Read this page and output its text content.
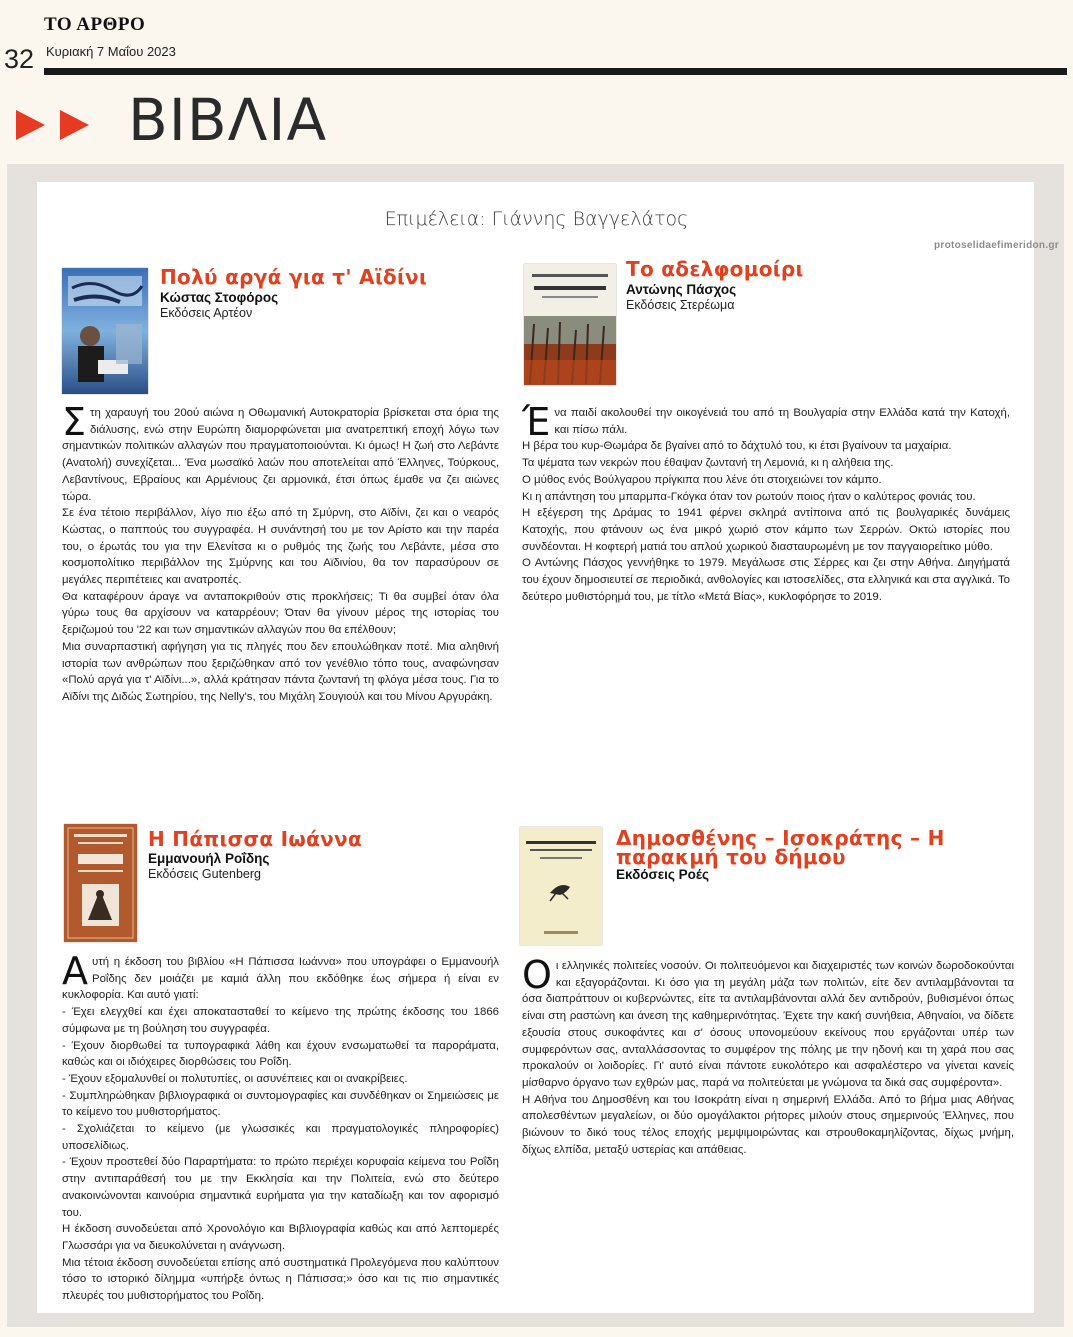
ΤΟ ΑΡΘΡΟ
32 Κυριακή 7 Μαΐου 2023
ΒΙΒΛΙΑ
Επιμέλεια: Γιάννης Βαγγελάτος
protoselidaefimeridon.gr
Πολύ αργά για τ' Αϊδίνι
Κώστας Στοφόρος
Εκδόσεις Αρτέον

Στη χαραυγή του 20ού αιώνα η Οθωμανική Αυτοκρατορία βρίσκεται στα όρια της διάλυσης, ενώ στην Ευρώπη διαμορφώνεται μια ανατρεπτική εποχή λόγω των σημαντικών πολιτικών αλλαγών που πραγματοποιούνται. Κι όμως! Η ζωή στο Λεβάντε (Ανατολή) συνεχίζεται... Ένα μωσαϊκό λαών που αποτελείται από Έλληνες, Τούρκους, Λεβαντίνους, Εβραίους και Αρμένιους ζει αρμονικά, έτσι όπως έμαθε να ζει αιώνες τώρα.

Σε ένα τέτοιο περιβάλλον, λίγο πιο έξω από τη Σμύρνη, στο Αϊδίνι, ζει και ο νεαρός Κώστας, ο παππούς του συγγραφέα. Η συνάντησή του με τον Αρίστο και την παρέα του, ο έρωτάς του για την Ελενίτσα κι ο ρυθμός της ζωής του Λεβάντε, μέσα στο κοσμοπολίτικο περιβάλλον της Σμύρνης και του Αϊδινίου, θα τον παρασύρουν σε μεγάλες περιπέτειες και ανατροπές.

Θα καταφέρουν άραγε να ανταποκριθούν στις προκλήσεις; Τι θα συμβεί όταν όλα γύρω τους θα αρχίσουν να καταρρέουν; Όταν θα γίνουν μέρος της ιστορίας του ξεριζωμού του '22 και των σημαντικών αλλαγών που θα επέλθουν;

Μια συναρπαστική αφήγηση για τις πληγές που δεν επουλώθηκαν ποτέ. Μια αληθινή ιστορία των ανθρώπων που ξεριζώθηκαν από τον γενέθλιο τόπο τους, αναφώνησαν «Πολύ αργά για τ' Αϊδίνι...», αλλά κράτησαν πάντα ζωντανή τη φλόγα μέσα τους. Για το Αϊδίνι της Διδώς Σωτηρίου, της Nelly's, του Μιχάλη Σουγιούλ και του Μίνου Αργυράκη.

Το αδελφομοίρι
Αντώνης Πάσχος
Εκδόσεις Στερέωμα

Ένα παιδί ακολουθεί την οικογένειά του από τη Βουλγαρία στην Ελλάδα κατά την Κατοχή, και πίσω πάλι.

Η βέρα του κυρ-Θωμάρα δε βγαίνει από το δάχτυλό του, κι έτσι βγαίνουν τα μαχαίρια.

Τα ψέματα των νεκρών που έθαψαν ζωντανή τη Λεμονιά, κι η αλήθεια της.

Ο μύθος ενός Βούλγαρου πρίγκιπα που λένε ότι στοιχειώνει τον κάμπο.

Κι η απάντηση του μπαρμπα-Γκόγκα όταν τον ρωτούν ποιος ήταν ο καλύτερος φονιάς του.

Η εξέγερση της Δράμας το 1941 φέρνει σκληρά αντίποινα από τις βουλγαρικές δυνάμεις Κατοχής, που φτάνουν ως ένα μικρό χωριό στον κάμπο των Σερρών. Οκτώ ιστορίες που συνδέονται. Η κοφτερή ματιά του απλού χωρικού διασταυρωμένη με τον παγγαιορείτικο μύθο.

Ο Αντώνης Πάσχος γεννήθηκε το 1979. Μεγάλωσε στις Σέρρες και ζει στην Αθήνα. Διηγήματά του έχουν δημοσιευτεί σε περιοδικά, ανθολογίες και ιστοσελίδες, στα ελληνικά και στα αγγλικά. Το δεύτερο μυθιστόρημά του, με τίτλο «Μετά Βίας», κυκλοφόρησε το 2019.

Η Πάπισσα Ιωάννα
Εμμανουήλ Ροΐδης
Εκδόσεις Gutenberg

Αυτή η έκδοση του βιβλίου «Η Πάπισσα Ιωάννα» που υπογράφει ο Εμμανουήλ Ροΐδης δεν μοιάζει με καμιά άλλη που εκδόθηκε έως σήμερα ή είναι εν κυκλοφορία. Και αυτό γιατί:

- Έχει ελεγχθεί και έχει αποκατασταθεί το κείμενο της πρώτης έκδοσης του 1866 σύμφωνα με τη βούληση του συγγραφέα.

- Έχουν διορθωθεί τα τυπογραφικά λάθη και έχουν ενσωματωθεί τα παροράματα, καθώς και οι ιδιόχειρες διορθώσεις του Ροΐδη.

- Έχουν εξομαλυνθεί οι πολυτυπίες, οι ασυνέπειες και οι ανακρίβειες.

- Συμπληρώθηκαν βιβλιογραφικά οι συντομογραφίες και συνδέθηκαν οι Σημειώσεις με το κείμενο του μυθιστορήματος.

- Σχολιάζεται το κείμενο (με γλωσσικές και πραγματολογικές πληροφορίες) υποσελίδιως.

- Έχουν προστεθεί δύο Παραρτήματα: το πρώτο περιέχει κορυφαία κείμενα του Ροΐδη στην αντιπαράθεσή του με την Εκκλησία και την Πολιτεία, ενώ στο δεύτερο ανακοινώνονται καινούρια σημαντικά ευρήματα για την καταδίωξη και τον αφορισμό του.

Η έκδοση συνοδεύεται από Χρονολόγιο και Βιβλιογραφία καθώς και από λεπτομερές Γλωσσάρι για να διευκολύνεται η ανάγνωση.

Μια τέτοια έκδοση συνοδεύεται επίσης από συστηματικά Προλεγόμενα που καλύπτουν τόσο το ιστορικό δίλημμα «υπήρξε όντως η Πάπισσα;» όσο και τις πιο σημαντικές πλευρές του μυθιστορήματος του Ροΐδη.

Δημοσθένης – Ισοκράτης – Η παρακμή του δήμου
Εκδόσεις Ροές

Οι ελληνικές πολιτείες νοσούν. Οι πολιτευόμενοι και διαχειριστές των κοινών δωροδοκούνται και εξαγοράζονται. Κι όσο για τη μεγάλη μάζα των πολιτών, είτε δεν αντιλαμβάνονται τα όσα διαπράττουν οι κυβερνώντες, είτε τα αντιλαμβάνονται αλλά δεν αντιδρούν, βυθισμένοι όπως είναι στη ραστώνη και άνεση της καθημερινότητας. Έχετε την κακή συνήθεια, Αθηναίοι, να δίδετε εξουσία στους συκοφάντες και σ' όσους υπονομεύουν εκείνους που εργάζονται υπέρ των συμφερόντων σας, ανταλλάσσοντας το συμφέρον της πόλης με την ηδονή και τη χαρά που σας προκαλούν οι λοιδορίες. Γι' αυτό είναι πάντοτε ευκολότερο και ασφαλέστερο να γίνεται κανείς μίσθαρνο όργανο των εχθρών μας, παρά να πολιτεύεται με γνώμονα τα δικά σας συμφέροντα».

Η Αθήνα του Δημοσθένη και του Ισοκράτη είναι η σημερινή Ελλάδα. Από το βήμα μιας Αθήνας απολεσθέντων μεγαλείων, οι δύο ομογάλακτοι ρήτορες μιλούν στους σημερινούς Έλληνες, που βιώνουν το δικό τους τέλος εποχής μεμψιμοιρώντας και στρουθοκαμηλίζοντας, δίχως μνήμη, δίχως ελπίδα, μεταξύ υστερίας και απάθειας.
